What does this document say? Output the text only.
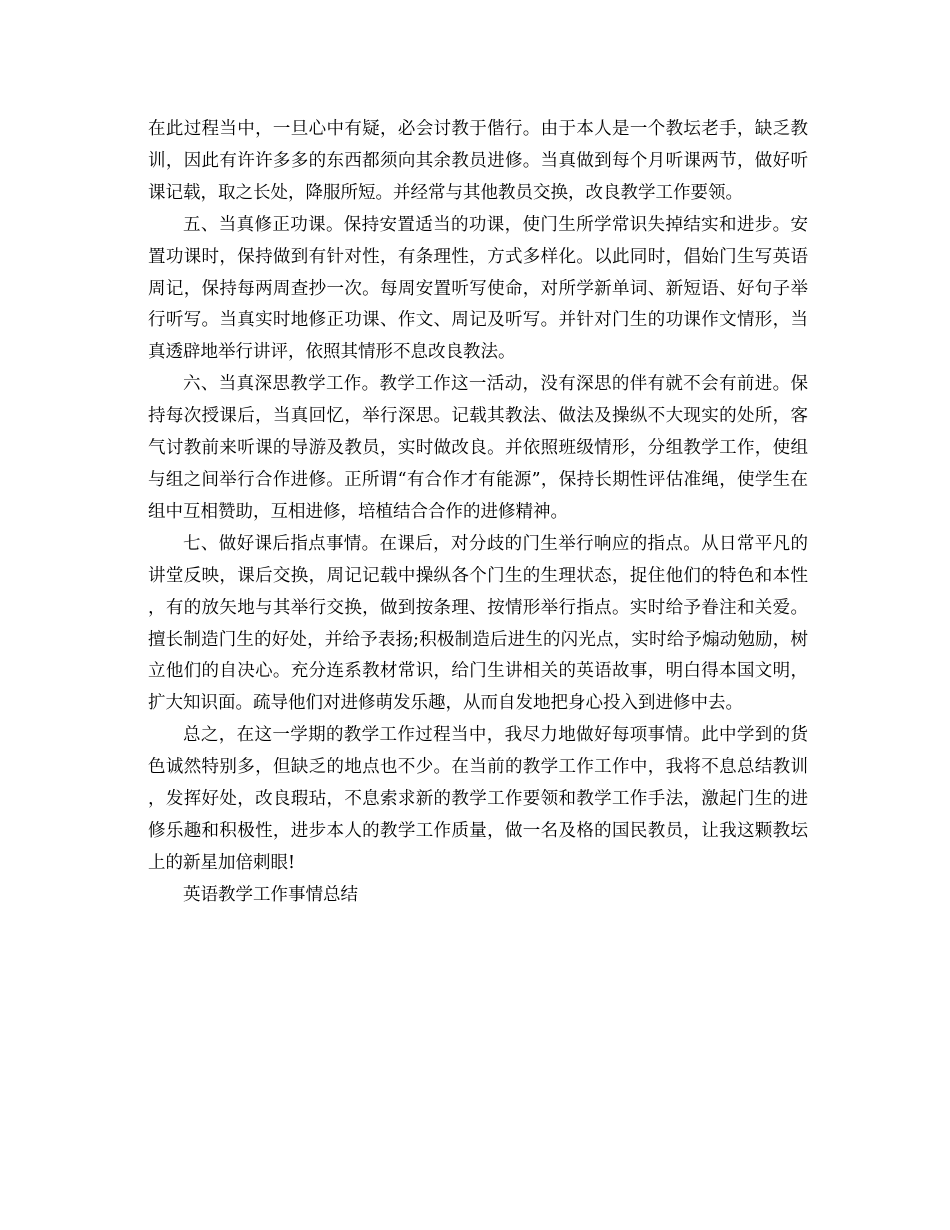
在此过程当中，一旦心中有疑，必会讨教于偕行。由于本人是一个教坛老手，缺乏教训，因此有许许多多的东西都须向其余教员进修。当真做到每个月听课两节，做好听课记载，取之长处，降服所短。并经常与其他教员交换，改良教学工作要领。

五、当真修正功课。保持安置适当的功课，使门生所学常识失掉结实和进步。安置功课时，保持做到有针对性，有条理性，方式多样化。以此同时，倡始门生写英语周记，保持每两周查抄一次。每周安置听写使命，对所学新单词、新短语、好句子举行听写。当真实时地修正功课、作文、周记及听写。并针对门生的功课作文情形，当真透辟地举行讲评，依照其情形不息改良教法。

六、当真深思教学工作。教学工作这一活动，没有深思的伴有就不会有前进。保持每次授课后，当真回忆，举行深思。记载其教法、做法及操纵不大现实的处所，客气讨教前来听课的导游及教员，实时做改良。并依照班级情形，分组教学工作，使组与组之间举行合作进修。正所谓“有合作才有能源”，保持长期性评估准绳，使学生在组中互相赞助，互相进修，培植结合合作的进修精神。

七、做好课后指点事情。在课后，对分歧的门生举行响应的指点。从日常平凡的讲堂反映，课后交换，周记记载中操纵各个门生的生理状态，捉住他们的特色和本性，有的放矢地与其举行交换，做到按条理、按情形举行指点。实时给予眷注和关爱。擅长制造门生的好处，并给予表扬;积极制造后进生的闪光点，实时给予煽动勉励，树立他们的自决心。充分连系教材常识，给门生讲相关的英语故事，明白得本国文明，扩大知识面。疏导他们对进修萌发乐趣，从而自发地把身心投入到进修中去。

总之，在这一学期的教学工作过程当中，我尽力地做好每项事情。此中学到的货色诚然特别多，但缺乏的地点也不少。在当前的教学工作工作中，我将不息总结教训，发挥好处，改良瑕玷，不息索求新的教学工作要领和教学工作手法，激起门生的进修乐趣和积极性，进步本人的教学工作质量，做一名及格的国民教员，让我这颗教坛上的新星加倍刺眼!

英语教学工作事情总结
